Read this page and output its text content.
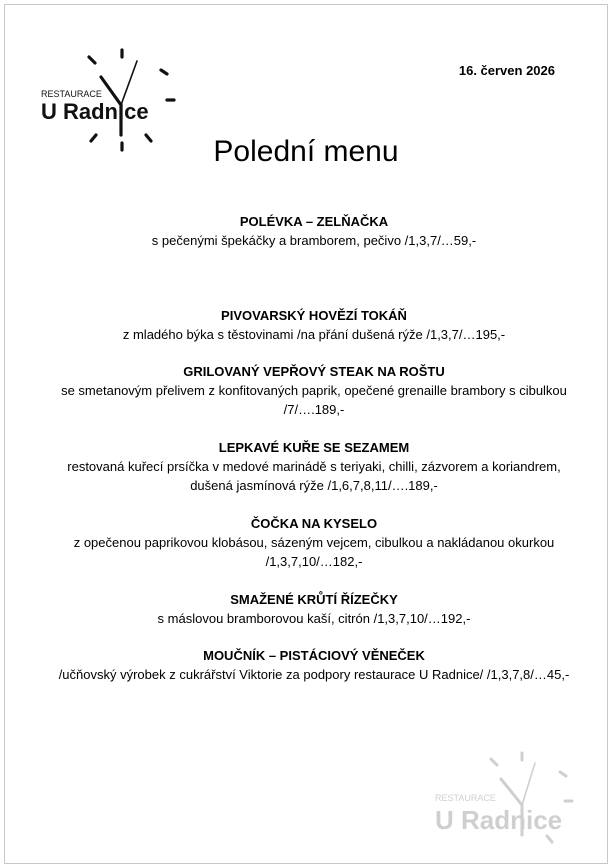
RESTAURACE
U Radnice
16. červen 2026
Polední menu
POLÉVKA – ZELŇAČKA
s pečenými špekáčky a bramborem, pečivo /1,3,7/…59,-
PIVOVARSKÝ HOVĚZÍ TOKÁŇ
z mladého býka s těstovinami /na přání dušená rýže /1,3,7/…195,-
GRILOVANÝ VEPŘOVÝ STEAK NA ROŠTU
se smetanovým přelivem z konfitovaných paprik, opečené grenaille brambory s cibulkou /7/….189,-
LEPKAVÉ KUŘE SE SEZAMEM
restovaná kuřecí prsíčka v medové marinádě s teriyaki, chilli, zázvorem a koriandrem, dušená jasmínová rýže /1,6,7,8,11/….189,-
ČOČKA NA KYSELO
z opečenou paprikovou klobásou, sázeným vejcem, cibulkou a nakládanou okurkou /1,3,7,10/…182,-
SMAŽENÉ KRŮTÍ ŘÍZEČKY
s máslovou bramborovou kaší, citrón /1,3,7,10/…192,-
MOUČNÍK – PISTÁCIOVÝ VĚNEČEK
/učňovský výrobek z cukrářství Viktorie za podpory restaurace U Radnice/ /1,3,7,8/…45,-
RESTAURACE
U Radnice
